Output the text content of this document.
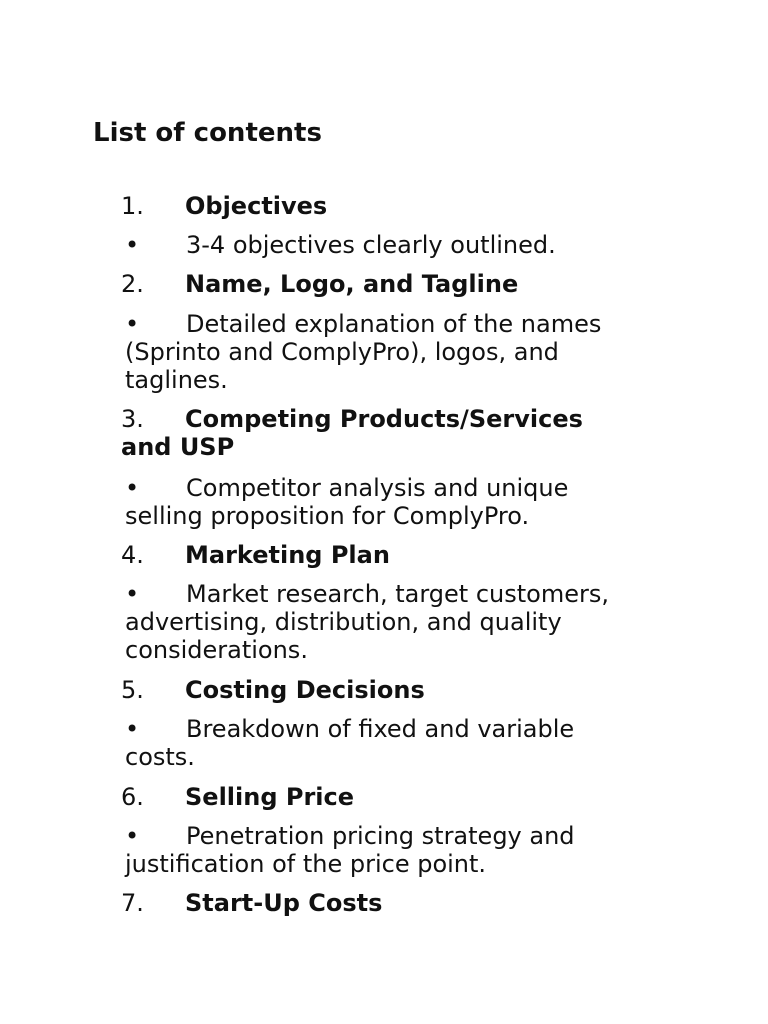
List of contents
1. Objectives
• 3-4 objectives clearly outlined.
2. Name, Logo, and Tagline
• Detailed explanation of the names
(Sprinto and ComplyPro), logos, and
taglines.
3. Competing Products/Services
and USP
• Competitor analysis and unique
selling proposition for ComplyPro.
4. Marketing Plan
• Market research, target customers,
advertising, distribution, and quality
considerations.
5. Costing Decisions
• Breakdown of fixed and variable
costs.
6. Selling Price
• Penetration pricing strategy and
justification of the price point.
7. Start-Up Costs
